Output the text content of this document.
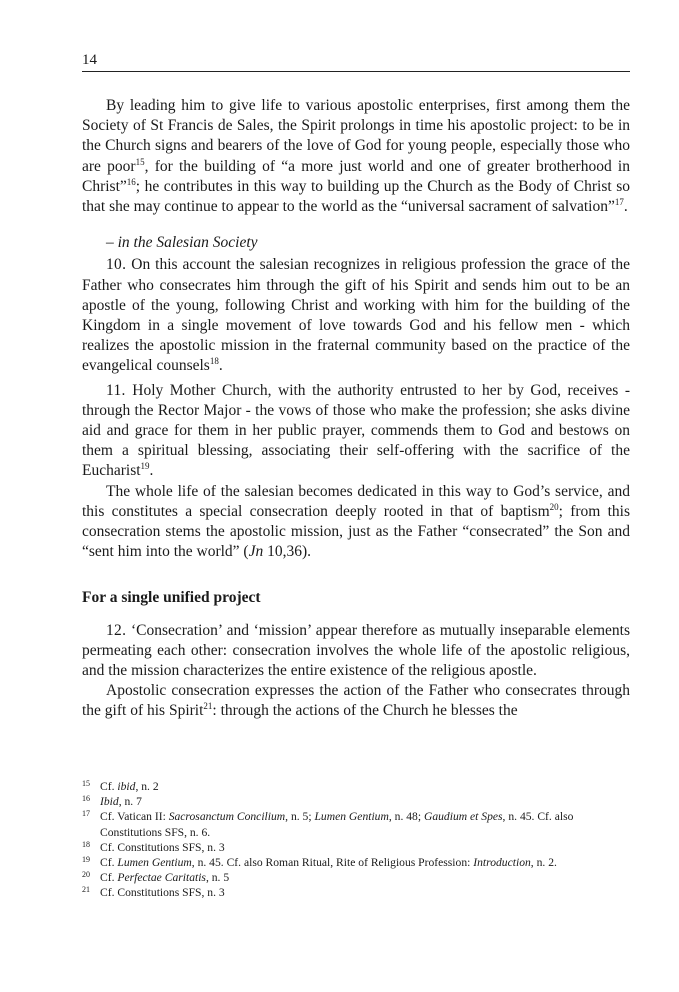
14

By leading him to give life to various apostolic enterprises, first among them the Society of St Francis de Sales, the Spirit prolongs in time his apostolic project: to be in the Church signs and bearers of the love of God for young people, especially those who are poor$^{15}$, for the building of “a more just world and one of greater brotherhood in Christ”$^{16}$; he contributes in this way to building up the Church as the Body of Christ so that she may continue to appear to the world as the “universal sacrament of salvation”$^{17}$.

– in the Salesian Society

10. On this account the salesian recognizes in religious profession the grace of the Father who consecrates him through the gift of his Spirit and sends him out to be an apostle of the young, following Christ and working with him for the building of the Kingdom in a single movement of love towards God and his fellow men - which realizes the apostolic mission in the fraternal community based on the practice of the evangelical counsels$^{18}$.

11. Holy Mother Church, with the authority entrusted to her by God, receives - through the Rector Major - the vows of those who make the profession; she asks divine aid and grace for them in her public prayer, commends them to God and bestows on them a spiritual blessing, associating their self-offering with the sacrifice of the Eucharist$^{19}$.

The whole life of the salesian becomes dedicated in this way to God’s service, and this constitutes a special consecration deeply rooted in that of baptism$^{20}$; from this consecration stems the apostolic mission, just as the Father “consecrated” the Son and “sent him into the world” (Jn 10,36).

For a single unified project

12. ‘Consecration’ and ‘mission’ appear therefore as mutually inseparable elements permeating each other: consecration involves the whole life of the apostolic religious, and the mission characterizes the entire existence of the religious apostle.

Apostolic consecration expresses the action of the Father who consecrates through the gift of his Spirit$^{21}$: through the actions of the Church he blesses the

15 Cf. ibid, n. 2

16 Ibid, n. 7

17 Cf. Vatican II: Sacrosanctum Concilium, n. 5; Lumen Gentium, n. 48; Gaudium et Spes, n. 45. Cf. also Constitutions SFS, n. 6.

18 Cf. Constitutions SFS, n. 3

19 Cf. Lumen Gentium, n. 45. Cf. also Roman Ritual, Rite of Religious Profession: Introduction, n. 2.

20 Cf. Perfectae Caritatis, n. 5

21 Cf. Constitutions SFS, n. 3
